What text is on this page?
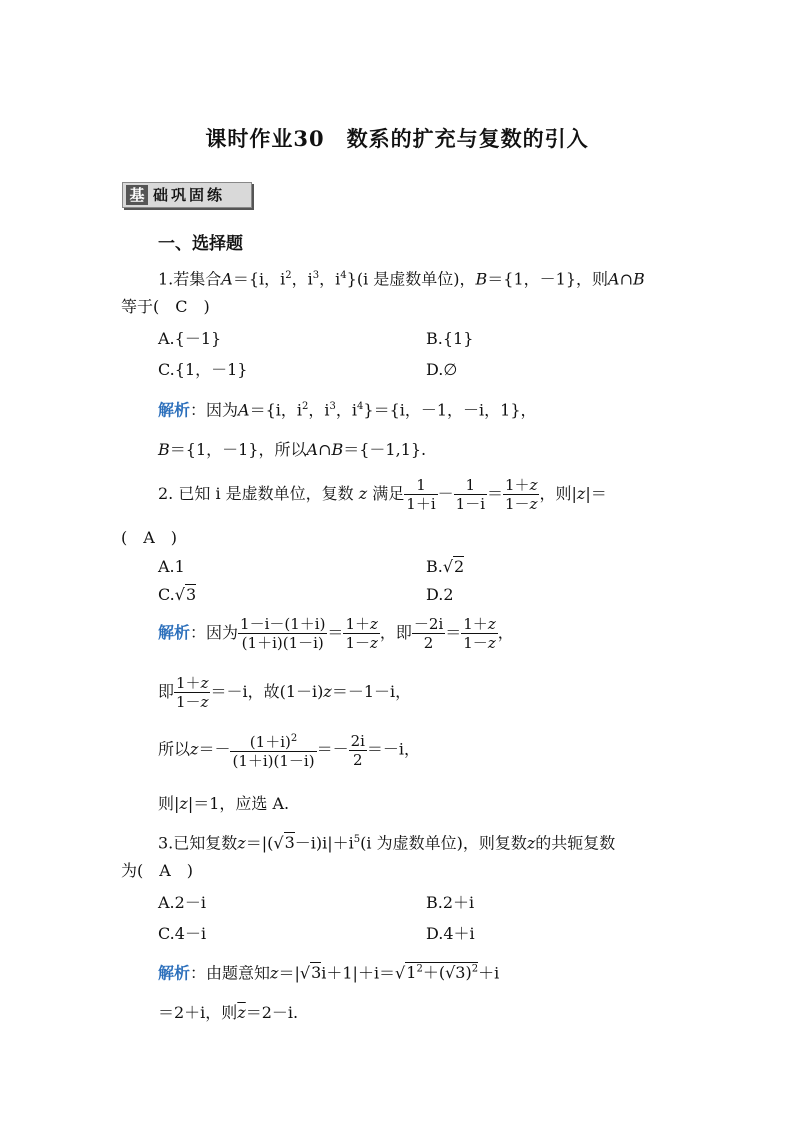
课时作业30　数系的扩充与复数的引入
基 础巩固练
一、选择题
1.若集合A＝{i，$i^2$，$i^3$，$i^4\}(i$ 是虚数单位)，B＝{1，－1}，则A∩B
等于(　C　)
A.{－1}	B.{1}
C.{1，－1}	D.∅
解析：因为A＝{i，$i^2$，$i^3$，$i^4\}=\{i$，－1，－i，1}，
B＝{1，－1}，所以A∩B＝{－1,1}.
2. 已知 i 是虚数单位，复数 z 满足 $\frac{1}{1+i} - \frac{1}{1-i} = \frac{1+z}{1-z}$ ，则|z|＝
(　A　)
A.1	B.√2
C.√3	D.2
解析：因为 $\frac{1-i-(1+i)}{(1+i)(1-i)} = \frac{1+z}{1-z}$ ，即 $\frac{-2i}{2} = \frac{1+z}{1-z}$ ，
即 $\frac{1+z}{1-z} =-i$，故(1－i)z＝－1－i，
所以$z=- \frac{(1+i)^2}{(1+i)(1-i)} =- \frac{2i}{2} =-i$，
则|z|＝1，应选 A.
3.已知复数$z=|(√3-i)i|+i^5(i$ 为虚数单位)，则复数z的共轭复数
为(　A　)
A.2－i	B.2＋i
C.4－i	D.4＋i
解析：由题意知$z=|√3i+1|+i=√1^2+(√3)^2+i$
＝2＋i，则$\overline{z}=2-i$.
